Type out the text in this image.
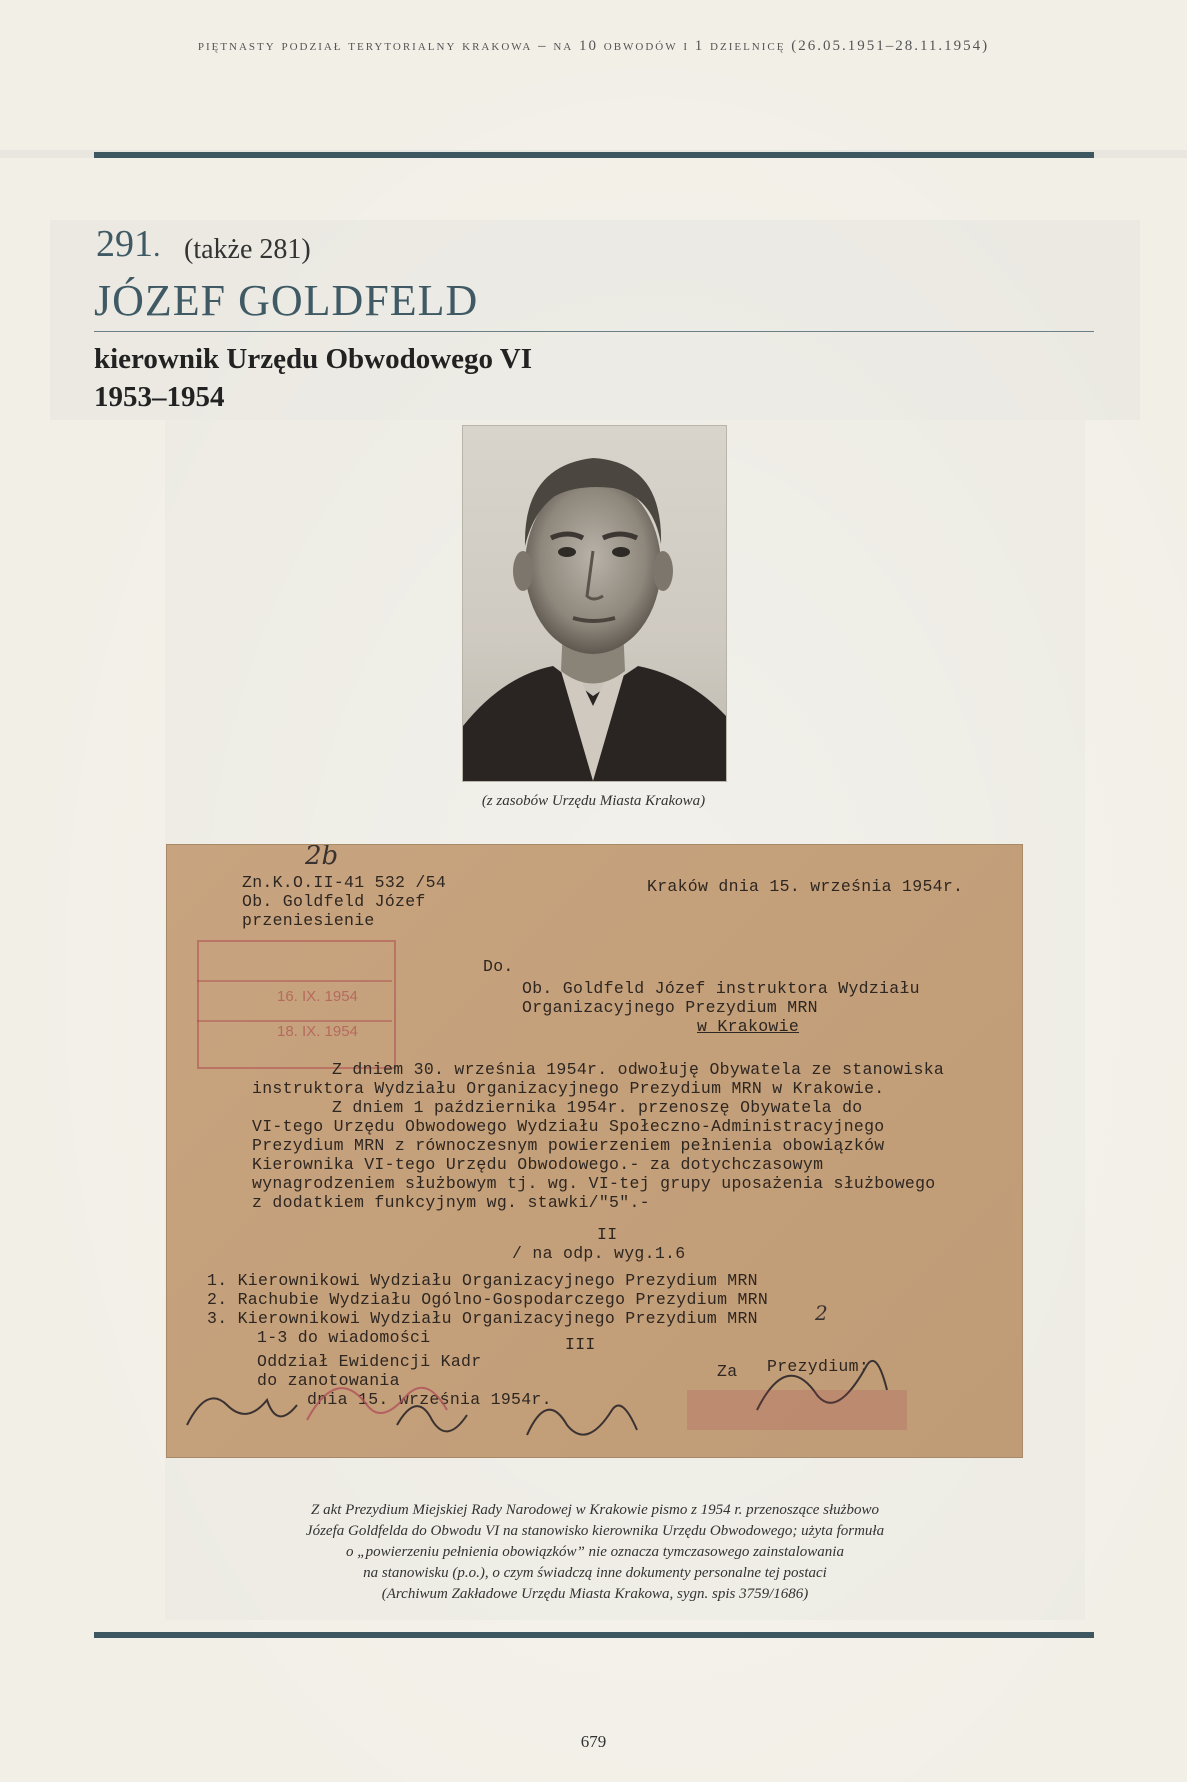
piętnasty podział terytorialny krakowa – na 10 obwodów i 1 dzielnicę (26.05.1951–28.11.1954)
291. (także 281)
JÓZEF GOLDFELD
kierownik Urzędu Obwodowego VI
1953–1954
(z zasobów Urzędu Miasta Krakowa)
2b
Zn.K.O.II-41 532 /54
Ob. Goldfeld Józef
przeniesienie
Kraków dnia 15. września 1954r.
16. IX. 1954
18. IX. 1954
Do.
Ob. Goldfeld Józef instruktora Wydziału
Organizacyjnego Prezydium MRN
w Krakowie
Z dniem 30. września 1954r. odwołuję Obywatela ze stanowiska
instruktora Wydziału Organizacyjnego Prezydium MRN w Krakowie.
Z dniem 1 października 1954r. przenoszę Obywatela do
VI-tego Urzędu Obwodowego Wydziału Społeczno-Administracyjnego
Prezydium MRN z równoczesnym powierzeniem pełnienia obowiązków
Kierownika VI-tego Urzędu Obwodowego.- za dotychczasowym
wynagrodzeniem służbowym tj. wg. VI-tej grupy uposażenia służbowego
z dodatkiem funkcyjnym wg. stawki/"5".-
II
/ na odp. wyg.1.6
1. Kierownikowi Wydziału Organizacyjnego Prezydium MRN
2. Rachubie Wydziału Ogólno-Gospodarczego Prezydium MRN
3. Kierownikowi Wydziału Organizacyjnego Prezydium MRN	2
1-3 do wiadomości	III
Oddział Ewidencji Kadr
do zanotowania
dnia 15. września 1954r.
Za Prezydium:
Z akt Prezydium Miejskiej Rady Narodowej w Krakowie pismo z 1954 r. przenoszące służbowo
Józefa Goldfelda do Obwodu VI na stanowisko kierownika Urzędu Obwodowego; użyta formuła
o „powierzeniu pełnienia obowiązków” nie oznacza tymczasowego zainstalowania
na stanowisku (p.o.), o czym świadczą inne dokumenty personalne tej postaci
(Archiwum Zakładowe Urzędu Miasta Krakowa, sygn. spis 3759/1686)
679
